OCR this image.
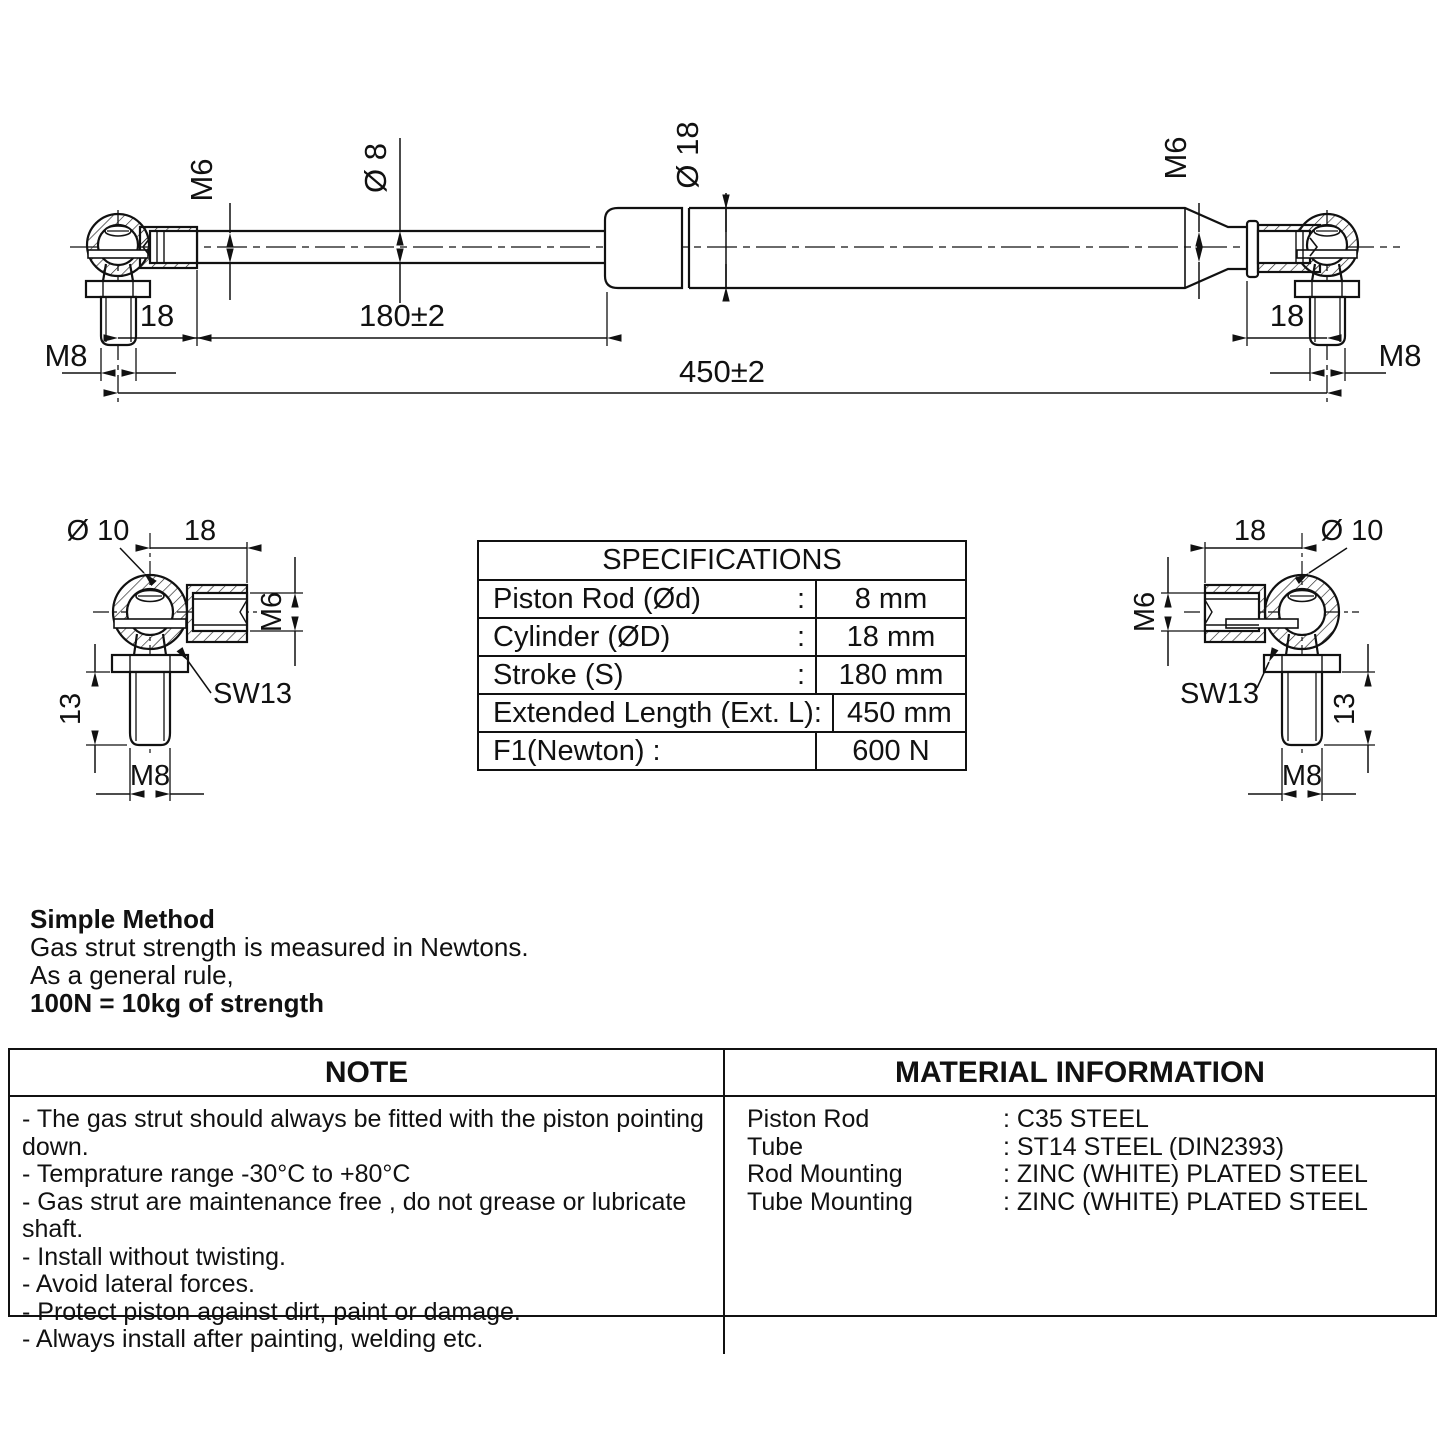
M6	Ø 8	Ø 18	M6
18	180±2	18
450±2
M8	M8
Ø 10 18
M6
SW13
13
M8
SPECIFICATIONS
Piston Rod (Ød)	:	8 mm
Cylinder (ØD)	:	18 mm
Stroke (S)	:	180 mm
Extended Length (Ext. L) : 450 mm
F1(Newton) :	600 N
18 Ø 10
M6
SW13 13
M8
Simple Method
Gas strut strength is measured in Newtons.
As a general rule,
100N = 10kg of strength
NOTE	MATERIAL INFORMATION
- The gas strut should always be fitted with the piston pointing down.
- Temprature range -30°C to +80°C
- Gas strut are maintenance free , do not grease or lubricate shaft.
- Install without twisting.
- Avoid lateral forces.
- Protect piston against dirt, paint or damage.
- Always install after painting, welding etc.
Piston Rod	: C35 STEEL
Tube	: ST14 STEEL (DIN2393)
Rod Mounting	: ZINC (WHITE) PLATED STEEL
Tube Mounting	: ZINC (WHITE) PLATED STEEL
